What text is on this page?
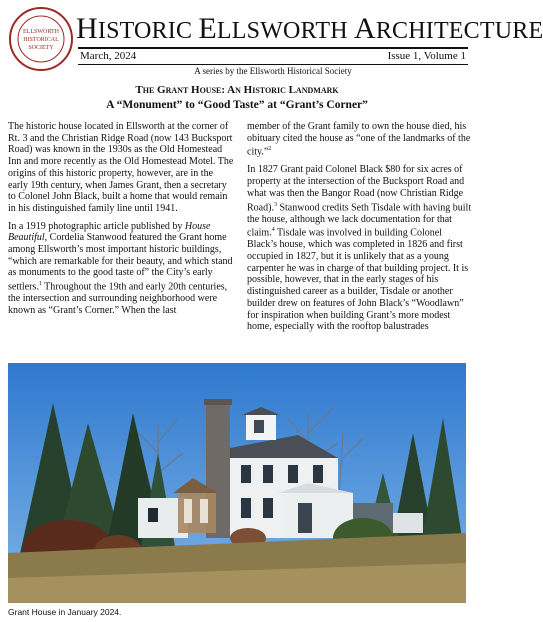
ELLSWORTH
HISTORICAL
SOCIETY
HISTORIC ELLSWORTH ARCHITECTURE
March, 2024	Issue 1, Volume 1
A series by the Ellsworth Historical Society
The Grant House: An Historic Landmark
A “Monument” to “Good Taste” at “Grant’s Corner”

The historic house located in Ellsworth at the corner of Rt. 3 and the Christian Ridge Road (now 143 Bucksport Road) was known in the 1930s as the Old Homestead Inn and more recently as the Old Homestead Motel. The origins of this historic property, however, are in the early 19th century, when James Grant, then a secretary to Colonel John Black, built a home that would remain in his distinguished family line until 1941.

In a 1919 photographic article published by House Beautiful, Cordelia Stanwood featured the Grant home among Ellsworth’s most important historic buildings, “which are remarkable for their beauty, and which stand as monuments to the good taste of” the City’s early settlers.$^1$ Throughout the 19th and early 20th centuries, the intersection and surrounding neighborhood were known as “Grant’s Corner.” When the last

member of the Grant family to own the house died, his obituary cited the house as “one of the landmarks of the city.”$^2$

In 1827 Grant paid Colonel Black $80 for six acres of property at the intersection of the Bucksport Road and what was then the Bangor Road (now Christian Ridge Road).$^3$ Stanwood credits Seth Tisdale with having built the house, although we lack documentation for that claim.$^4$ Tisdale was involved in building Colonel Black’s house, which was completed in 1826 and first occupied in 1827, but it is unlikely that as a young carpenter he was in charge of that building project. It is possible, however, that in the early stages of his distinguished career as a builder, Tisdale or another builder drew on features of John Black’s “Woodlawn” for inspiration when building Grant’s more modest home, especially with the rooftop balustrades

Grant House in January 2024.
